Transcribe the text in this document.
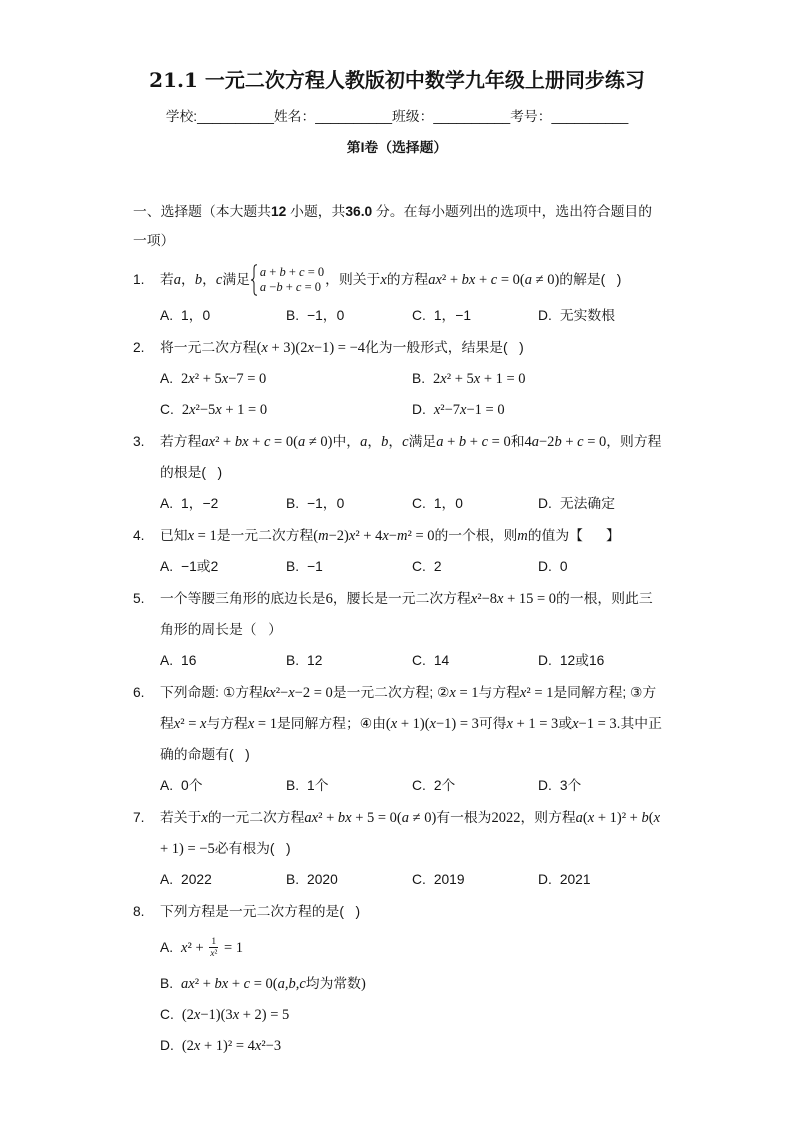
21.1 一元二次方程人教版初中数学九年级上册同步练习
学校:__________姓名：__________班级：__________考号：__________
第I卷（选择题）
一、选择题（本大题共12 小题，共36.0 分。在每小题列出的选项中，选出符合题目的一项）
1.	若a，b，c满足 a + b + c = 0
a −b + c = 0
，则关于x的方程ax² + bx + c = 0(a ≠ 0)的解是(   )
A. 1，0	B. −1，0	C. 1，−1	D. 无实数根
2.	将一元二次方程(x + 3)(2x−1) = −4化为一般形式，结果是(   )
A. 2x² + 5x−7 = 0	B. 2x² + 5x + 1 = 0
C. 2x²−5x + 1 = 0	D. x²−7x−1 = 0
3.	若方程ax² + bx + c = 0(a ≠ 0)中，a，b，c满足a + b + c = 0和4a−2b + c = 0，则方程的根是(   )
A. 1，−2	B. −1，0	C. 1，0	D. 无法确定
4.	已知x = 1是一元二次方程(m−2)x² + 4x−m² = 0的一个根，则m的值为【      】
A. −1或2	B. −1	C. 2	D. 0
5.	一个等腰三角形的底边长是6，腰长是一元二次方程x²−8x + 15 = 0的一根，则此三角形的周长是（   ）
A. 16	B. 12	C. 14	D. 12或16
6.	下列命题: ①方程kx²−x−2 = 0是一元二次方程; ②x = 1与方程x² = 1是同解方程; ③方程x² = x与方程x = 1是同解方程；④由(x + 1)(x−1) = 3可得x + 1 = 3或x−1 = 3.其中正确的命题有(   )
A. 0个	B. 1个	C. 2个	D. 3个
7.	若关于x的一元二次方程ax² + bx + 5 = 0(a ≠ 0)有一根为2022，则方程a(x + 1)² + b(x + 1) = −5必有根为(   )
A. 2022	B. 2020	C. 2019	D. 2021
8.	下列方程是一元二次方程的是(   )
A. $x^2 + \frac{1}{\text{x²}} = 1$
B. ax² + bx + c = 0(a,b,c均为常数)
C. (2x−1)(3x + 2) = 5
D. (2x + 1)² = 4x²−3
